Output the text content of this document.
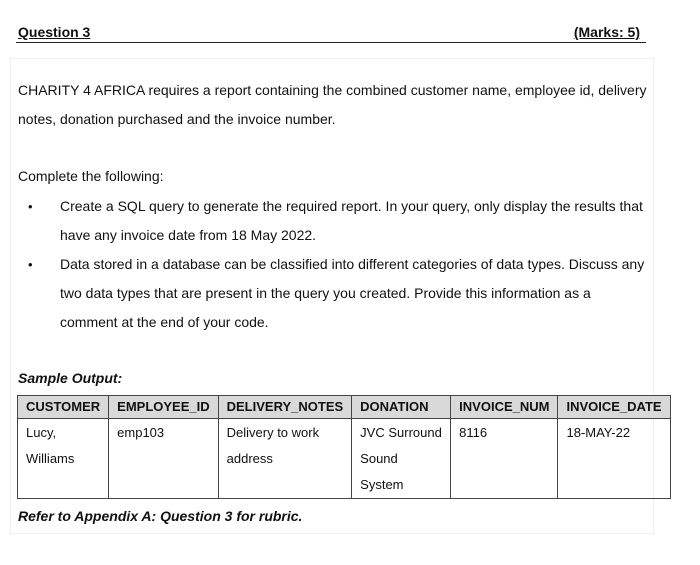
Question 3	(Marks: 5)
CHARITY 4 AFRICA requires a report containing the combined customer name, employee id, delivery notes, donation purchased and the invoice number.
Complete the following:
• Create a SQL query to generate the required report. In your query, only display the results that have any invoice date from 18 May 2022.
• Data stored in a database can be classified into different categories of data types. Discuss any two data types that are present in the query you created. Provide this information as a comment at the end of your code.
Sample Output:
CUSTOMER	EMPLOYEE_ID	DELIVERY_NOTES	DONATION	INVOICE_NUM	INVOICE_DATE
Lucy, Williams	emp103	Delivery to work address	JVC Surround Sound System	8116	18-MAY-22
Refer to Appendix A: Question 3 for rubric.
